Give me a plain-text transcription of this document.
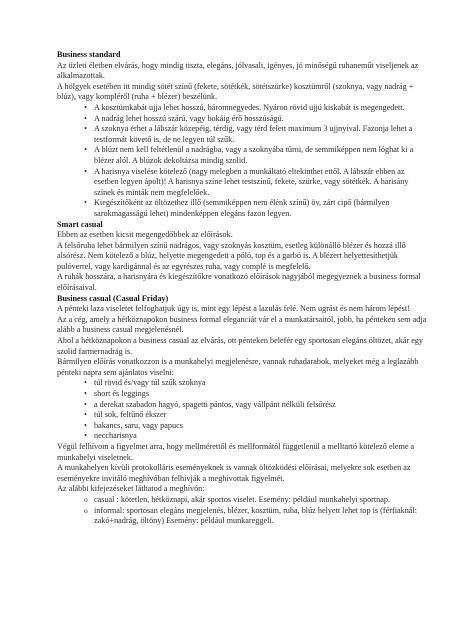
Business standard

Az üzleti életben elvárás, hogy mindig tiszta, elegáns, jólvasalt, igényes, jó minőségű ruhaneműt viseljenek az alkalmazottak.

A hölgyek esetében itt mindig sötét színű (fekete, sötétkék, sötétszürke) kosztümről (szoknya, vagy nadrág + blúz), vagy kompléről (ruha + blézer) beszélünk.

• A kosztümkabát ujja lehet hosszú, háromnegyedes. Nyáron rövid ujjú kiskabát is megengedett.
• A nadrág lehet hosszú szárú, vagy bokáig érő hosszúságú.
• A szoknya érhet a lábszár közepéig, térdig, vagy térd felett maximum 3 ujjnyival. Fazonja lehet a testformát követő is, de ne legyen túl szűk.
• A blúzt nem kell feltétlenül a nadrágba, vagy a szoknyába tűrni, de semmiképpen nem lóghat ki a blézer alól. A blúzok dekoltázsa mindig szolid.
• A harisnya viselése kötelező (nagy melegben a munkáltató eltekinthet ettől. A lábszár ebben az esetben legyen ápolt)! A harisnya színe lehet testszínű, fekete, szürke, vagy sötétkék. A harisány színek és minták nem megfelelőek.
• Kiegészítőként az öltözethez illő (semmiképpen nem élénk színű) öv, zárt cipő (bármilyen sarokmagasságú lehet) mindenképpen elegáns fazon legyen.

Smart casual

Ebben az esetben kicsit megengedőbbek az előírások.

A felsőruha lehet bármilyen színű nadrágos, vagy szoknyás kosztüm, esetleg különálló blézer és hozzá illő alsórész. Nem kötelező a blúz, helyette megengedett a póló, top és a garbó is. A blézert helyettesíthetjük pulóverrel, vagy kardigánnal és az egyrészes ruha, vagy complé is megfelelő.

A ruhák hosszára, a harisnyára és kiegészítőkre vonatkozó előírások nagyjából megegyeznek a business formal előírásaival.

Business casual (Casual Friday)

A pénteki laza viseletet felfoghatjuk úgy is, mint egy lépést a lazulás felé. Nem ugrást és nem három lépést!

Az a cég, amely a hétköznapokon business formal eleganciát vár el a munkatársaitól, jobb, ha pénteken sem adja alább a business casual megjelenésnél.

Ahol a hétköznapokon a business casual az elvárás, ott pénteken belefér egy sportosan elegáns öltözet, akár egy szolid farmernadrág is.

Bármilyen előírás vonatkozzon is a munkahelyi megjelenésre, vannak ruhadarabok, melyeket még a leglazább pénteki napra sem ajánlatos viselni:

• túl rövid és/vagy túl szűk szoknya
• short és leggings
• a derekat szabadon hagyó, spagetti pántos, vagy vállpánt nélküli felsőrész
• túl sok, feltűnő ékszer
• bakancs, saru, vagy papucs
• neccharisnya

Végül felhívom a figyelmet arra, hogy mellmérettől és mellformától függetlenül a melltartó kötelező eleme a munkahelyi viseletnek.

A munkahelyen kívüli protokolláris eseményeknek is vannak öltözködési előírásai, melyekre sok esetben az eseményekre invitáló meghívóban felhívják a meghívottak figyelmét.

Az alábbi kifejezéseket láthatod a meghívón:

o casual : kötetlen, hétköznapi, akár sportos viselet. Esemény: például munkahelyi sportnap.
o informal: sportosan elegáns megjelenés, blézer, kosztüm, ruha, blúz helyett lehet top is (férfiaknál: zakó+nadrág, öltöny) Esemény: például munkareggeli.
